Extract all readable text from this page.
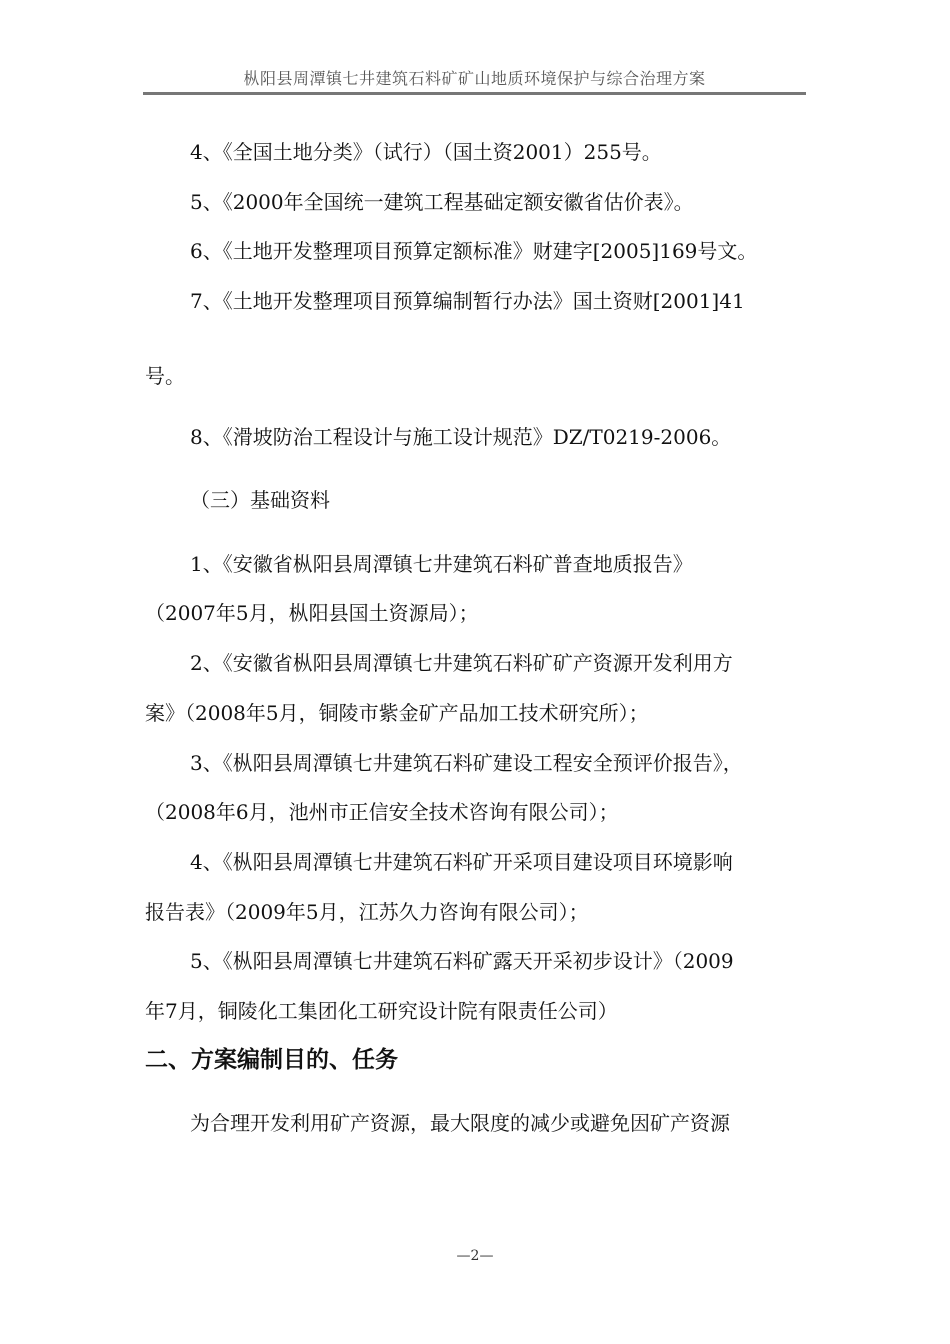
枞阳县周潭镇七井建筑石料矿矿山地质环境保护与综合治理方案
4、《全国土地分类》（试行）（国土资2001）255号。
5、《2000年全国统一建筑工程基础定额安徽省估价表》。
6、《土地开发整理项目预算定额标准》财建字[2005]169号文。
7、《土地开发整理项目预算编制暂行办法》国土资财[2001]41
号。
8、《滑坡防治工程设计与施工设计规范》DZ/T0219-2006。
（三）基础资料
1、《安徽省枞阳县周潭镇七井建筑石料矿普查地质报告》
（2007年5月，枞阳县国土资源局）；
2、《安徽省枞阳县周潭镇七井建筑石料矿矿产资源开发利用方
案》（2008年5月，铜陵市紫金矿产品加工技术研究所）；
3、《枞阳县周潭镇七井建筑石料矿建设工程安全预评价报告》，
（2008年6月，池州市正信安全技术咨询有限公司）；
4、《枞阳县周潭镇七井建筑石料矿开采项目建设项目环境影响
报告表》（2009年5月，江苏久力咨询有限公司）；
5、《枞阳县周潭镇七井建筑石料矿露天开采初步设计》（2009
年7月，铜陵化工集团化工研究设计院有限责任公司）
二、方案编制目的、任务
为合理开发利用矿产资源，最大限度的减少或避免因矿产资源
—2—
